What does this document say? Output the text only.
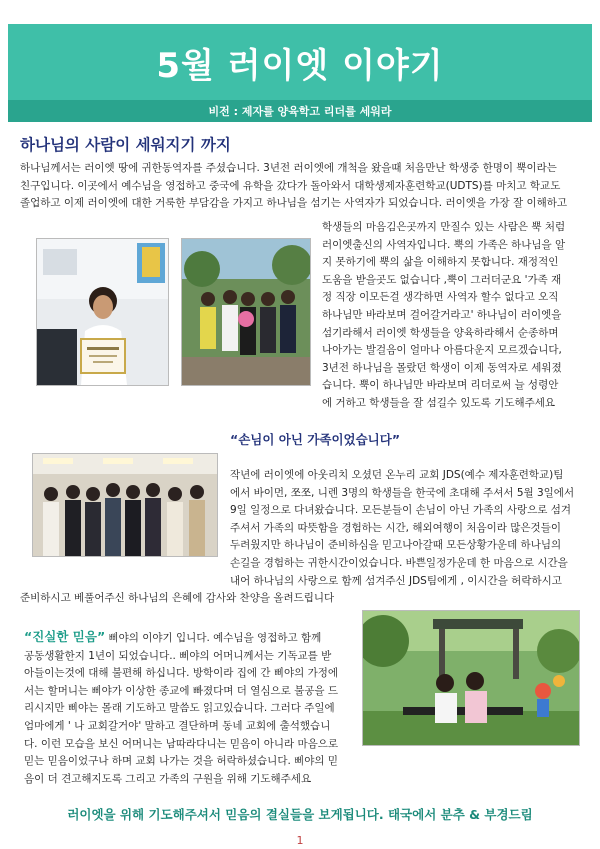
5월 러이엣 이야기
비전 : 제자를 양육학고 리더를 세워라
하나님의 사람이 세워지기 까지

하나님께서는 러이엣 땅에 귀한동역자를 주셨습니다. 3년전 러이엣에 개척을 왔을때 처음만난 학생중 한명이 뿍이라는

친구입니다. 이곳에서 예수님을 영접하고 중국에 유학을 갔다가 돌아와서 대학생제자훈련학교(UDTS)를 마치고 학교도

졸업하고 이제 러이엣에 대한 거룩한 부담감을 가지고 하나님을 섬기는 사역자가 되었습니다. 러이엣을 가장 잘 이해하고

학생들의 마음김은곳까지 만질수 있는 사람은 뿍 처럼

러이엣출신의 사역자입니다. 뿍의 가족은 하나님을 알

지 못하기에 뿍의 삶을 이해하지 못합니다. 재정적인

도움을 받을곳도 없습니다 ,뿍이 그러더군요 '가족 재

정 직장 이모든걸 생각하면 사역자 할수 없다고 오직

하나님만 바라보며 걸어갈거라고' 하나님이 러이엣을

섬기라해서 러이엣 학생들을 양육하라해서 순종하며

나아가는 발걸음이 얼마나 아름다운지 모르겠습니다,

3년전 하나님을 몰랐던 학생이 이제 동역자로 세워졌

습니다. 뿍이 하나님만 바라보며 리더로써 늘 성령안

에 거하고 학생들을 잘 섬길수 있도록 기도해주세요

“손님이 아닌 가족이었습니다”

작년에 러이엣에 아웃리치 오셨던 온누리 교회 JDS(예수 제자훈련학교)팀

에서 바이먼, 쪼쪼, 니렌 3명의 학생들을 한국에 초대해 주셔서 5월 3일에서

9일 일정으로 다녀왔습니다. 모든분들이 손님이 아닌 가족의 사랑으로 섬겨

주셔서 가족의 따뜻함을 경험하는 시간, 해외여행이 처음이라 많은것들이

두려웠지만 하나님이 준비하심을 믿고나아갈때 모든상황가운데 하나님의

손길을 경험하는 귀한시간이었습니다. 바쁜일정가운데 한 마음으로 시간을

내어 하나님의 사랑으로 함께 섬겨주신 JDS팀에게 , 이시간을 허락하시고

준비하시고 베풀어주신 하나님의 은혜에 감사와 찬양을 올려드립니다

“진실한 믿음” 삐야의 이야기 입니다. 예수님을 영접하고 함께

공동생활한지 1년이 되었습니다.. 삐야의 어머니께서는 기독교를 받

아들이는것에 대해 불편해 하십니다. 방학이라 집에 간 삐야의 가정에

서는 할머니는 삐야가 이상한 종교에 빠졌다며 더 열심으로 불공을 드

리시지만 삐야는 몰래 기도하고 말씀도 읽고있습니다. 그러다 주일에

엄마에게 ' 나 교회갈거야' 말하고 결단하며 동네 교회에 출석했습니

다. 이런 모습을 보신 어머니는 남따라다니는 믿음이 아니라 마음으로

믿는 믿음이었구나 하며 교회 나가는 것을 허락하셨습니다. 삐야의 믿

음이 더 견고해지도록 그리고 가족의 구원을 위해 기도해주세요

러이엣을 위해 기도해주셔서 믿음의 결실들을 보게됩니다. 태국에서 분추 & 부경드림
1
